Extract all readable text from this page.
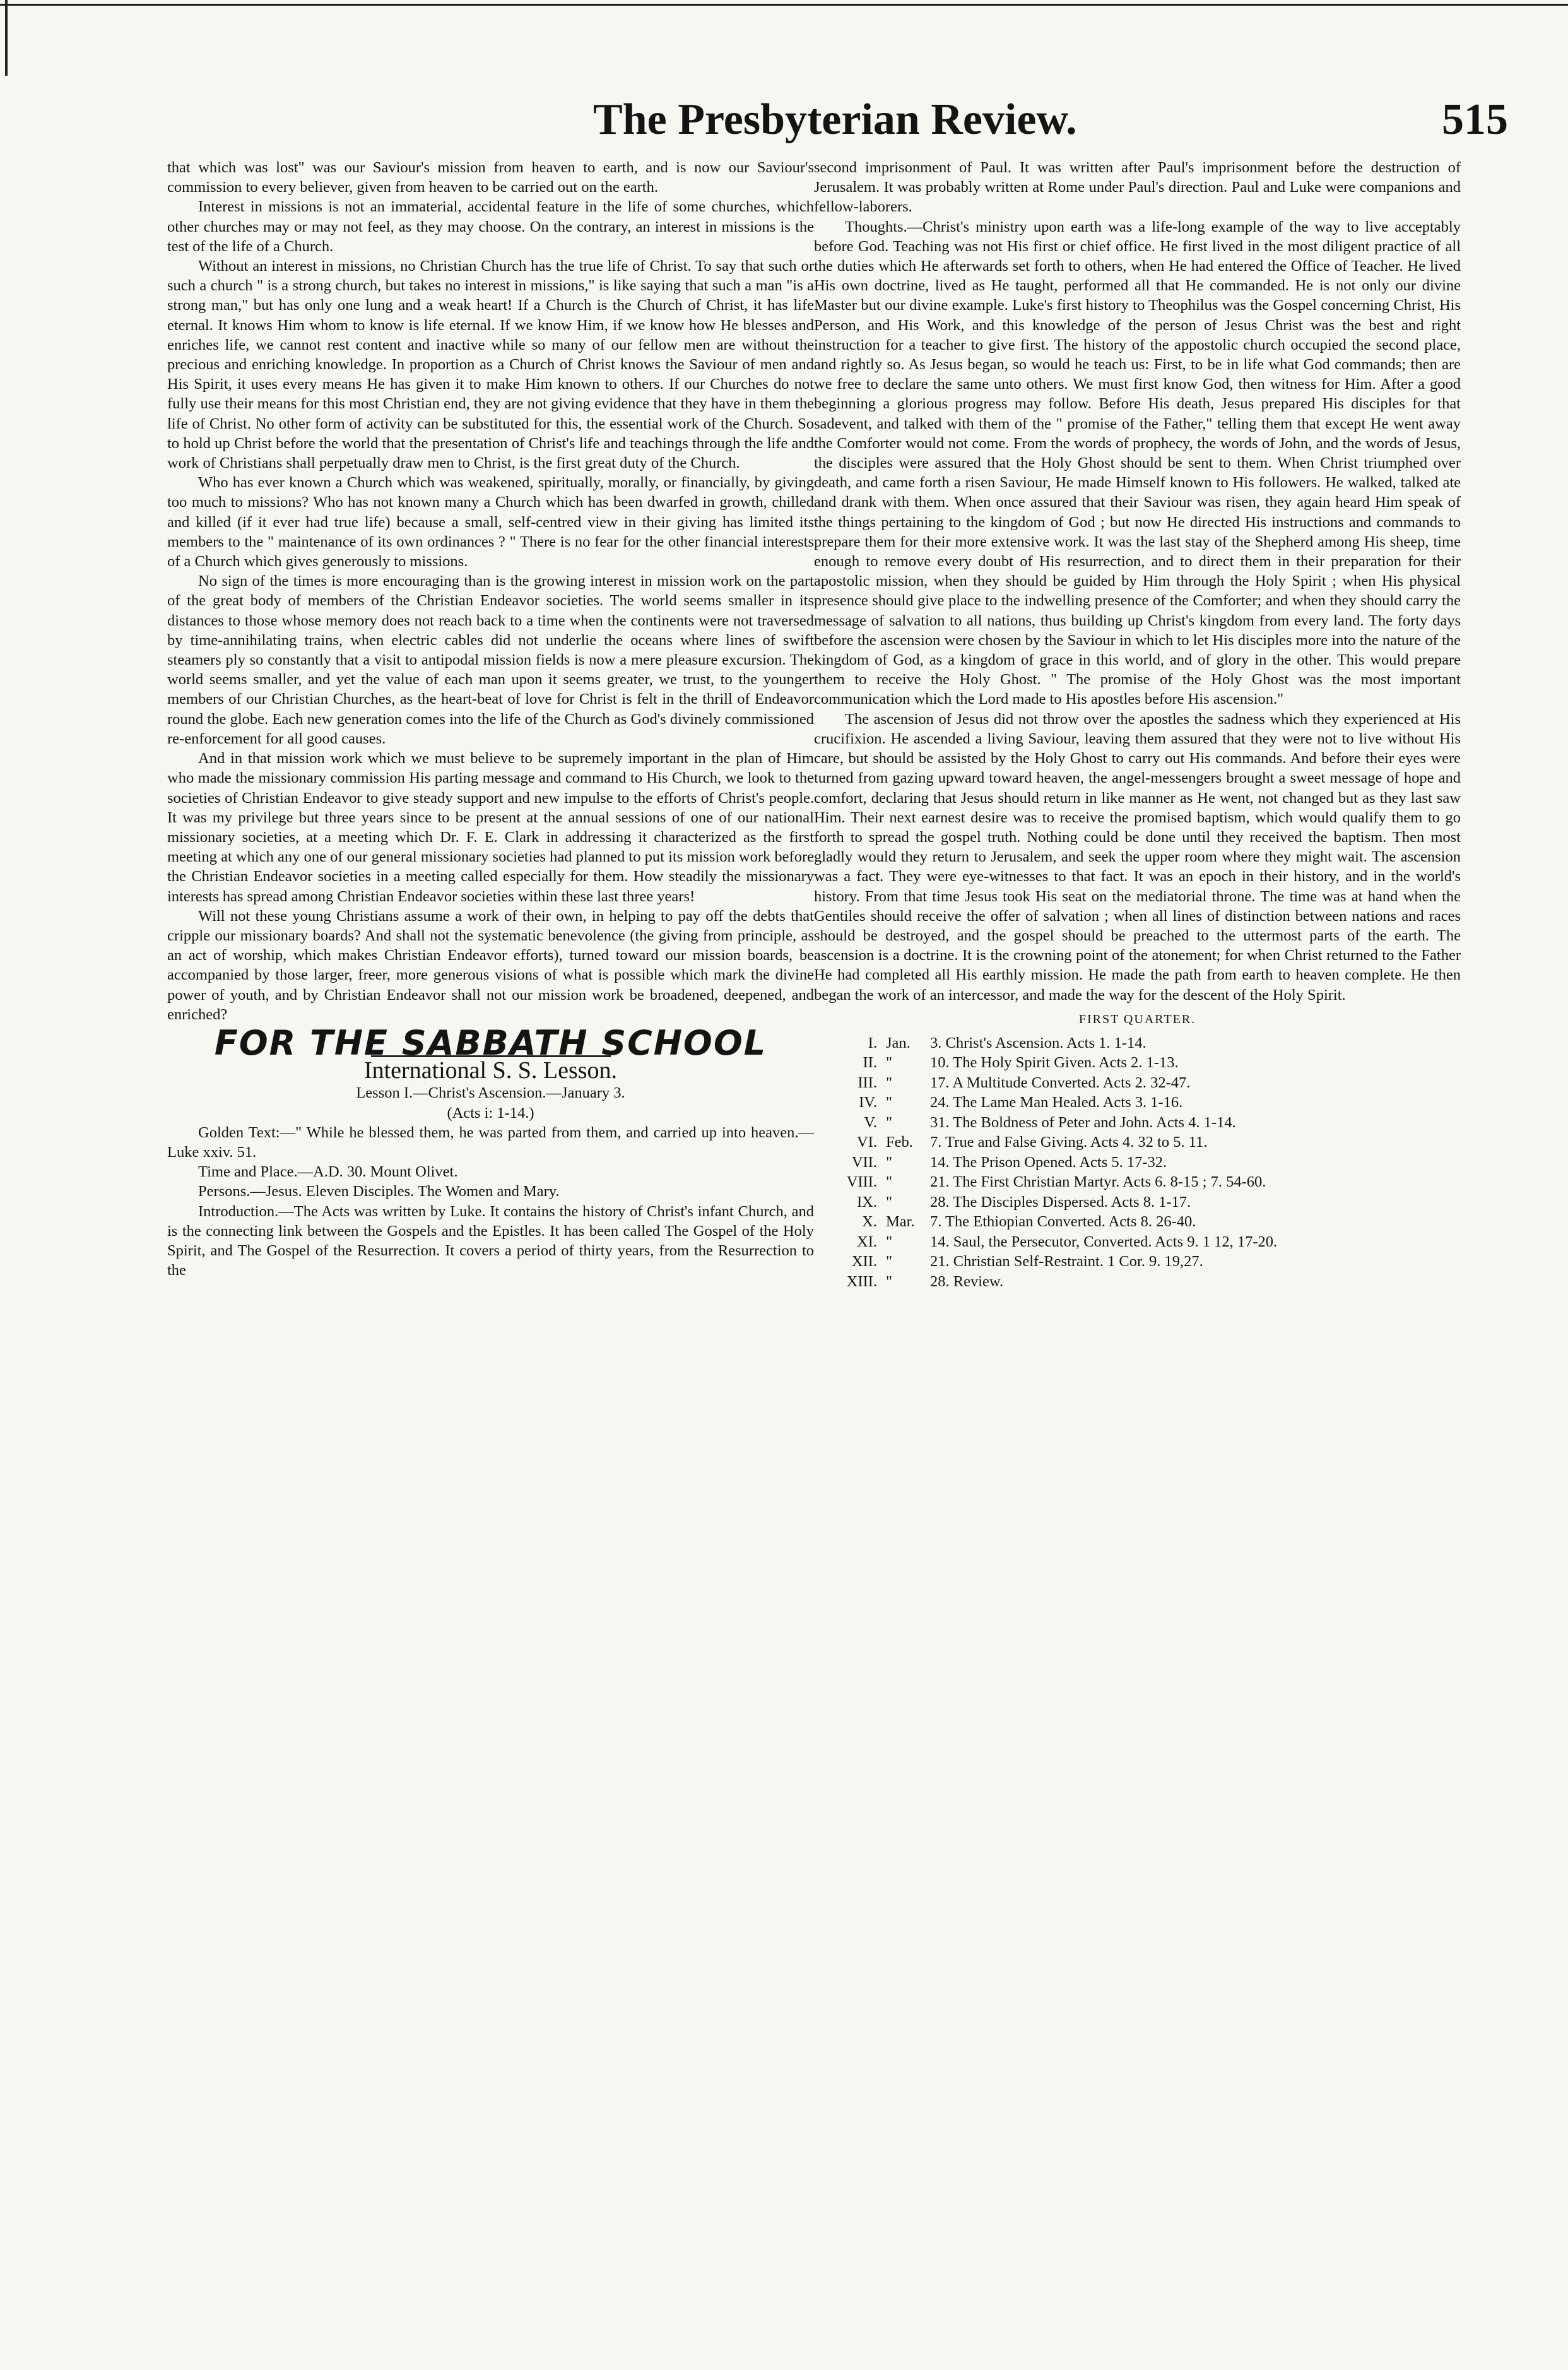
The Presbyterian Review.	515

that which was lost" was our Saviour's mission from heaven to earth, and is now our Saviour's commission to every believer, given from heaven to be carried out on the earth.

Interest in missions is not an immaterial, accidental feature in the life of some churches, which other churches may or may not feel, as they may choose. On the contrary, an interest in missions is the test of the life of a Church.

Without an interest in missions, no Christian Church has the true life of Christ. To say that such or such a church " is a strong church, but takes no interest in missions," is like saying that such a man "is a strong man," but has only one lung and a weak heart! If a Church is the Church of Christ, it has life eternal. It knows Him whom to know is life eternal. If we know Him, if we know how He blesses and enriches life, we cannot rest content and inactive while so many of our fellow men are without the precious and enriching knowledge. In proportion as a Church of Christ knows the Saviour of men and His Spirit, it uses every means He has given it to make Him known to others. If our Churches do not fully use their means for this most Christian end, they are not giving evidence that they have in them the life of Christ. No other form of activity can be substituted for this, the essential work of the Church. So to hold up Christ before the world that the presentation of Christ's life and teachings through the life and work of Christians shall perpetually draw men to Christ, is the first great duty of the Church.

Who has ever known a Church which was weakened, spiritually, morally, or financially, by giving too much to missions? Who has not known many a Church which has been dwarfed in growth, chilled and killed (if it ever had true life) because a small, self-centred view in their giving has limited its members to the " maintenance of its own ordinances ? " There is no fear for the other financial interests of a Church which gives generously to missions.

No sign of the times is more encouraging than is the growing interest in mission work on the part of the great body of members of the Christian Endeavor societies. The world seems smaller in its distances to those whose memory does not reach back to a time when the continents were not traversed by time-annihilating trains, when electric cables did not underlie the oceans where lines of swift steamers ply so constantly that a visit to antipodal mission fields is now a mere pleasure excursion. The world seems smaller, and yet the value of each man upon it seems greater, we trust, to the younger members of our Christian Churches, as the heart-beat of love for Christ is felt in the thrill of Endeavor round the globe. Each new generation comes into the life of the Church as God's divinely commissioned re-enforcement for all good causes.

And in that mission work which we must believe to be supremely important in the plan of Him who made the missionary commission His parting message and command to His Church, we look to the societies of Christian Endeavor to give steady support and new impulse to the efforts of Christ's people. It was my privilege but three years since to be present at the annual sessions of one of our national missionary societies, at a meeting which Dr. F. E. Clark in addressing it characterized as the first meeting at which any one of our general missionary societies had planned to put its mission work before the Christian Endeavor societies in a meeting called especially for them. How steadily the missionary interests has spread among Christian Endeavor societies within these last three years!

Will not these young Christians assume a work of their own, in helping to pay off the debts that cripple our missionary boards? And shall not the systematic benevolence (the giving from principle, as an act of worship, which makes Christian Endeavor efforts), turned toward our mission boards, be accompanied by those larger, freer, more generous visions of what is possible which mark the divine power of youth, and by Christian Endeavor shall not our mission work be broadened, deepened, and enriched?

FOR THE SABBATH SCHOOL
International S. S. Lesson.

Lesson I.—Christ's Ascension.—January 3.

(Acts i: 1-14.)

Golden Text:—" While he blessed them, he was parted from them, and carried up into heaven.—Luke xxiv. 51.

Time and Place.—A.D. 30. Mount Olivet.

Persons.—Jesus. Eleven Disciples. The Women and Mary.

Introduction.—The Acts was written by Luke. It contains the history of Christ's infant Church, and is the connecting link between the Gospels and the Epistles. It has been called The Gospel of the Holy Spirit, and The Gospel of the Resurrection. It covers a period of thirty years, from the Resurrection to the

second imprisonment of Paul. It was written after Paul's imprisonment before the destruction of Jerusalem. It was probably written at Rome under Paul's direction. Paul and Luke were companions and fellow-laborers.

Thoughts.—Christ's ministry upon earth was a life-long example of the way to live acceptably before God. Teaching was not His first or chief office. He first lived in the most diligent practice of all the duties which He afterwards set forth to others, when He had entered the Office of Teacher. He lived His own doctrine, lived as He taught, performed all that He commanded. He is not only our divine Master but our divine example. Luke's first history to Theophilus was the Gospel concerning Christ, His Person, and His Work, and this knowledge of the person of Jesus Christ was the best and right instruction for a teacher to give first. The history of the appostolic church occupied the second place, and rightly so. As Jesus began, so would he teach us: First, to be in life what God commands; then are we free to declare the same unto others. We must first know God, then witness for Him. After a good beginning a glorious progress may follow. Before His death, Jesus prepared His disciples for that sadevent, and talked with them of the " promise of the Father," telling them that except He went away the Comforter would not come. From the words of prophecy, the words of John, and the words of Jesus, the disciples were assured that the Holy Ghost should be sent to them. When Christ triumphed over death, and came forth a risen Saviour, He made Himself known to His followers. He walked, talked ate and drank with them. When once assured that their Saviour was risen, they again heard Him speak of the things pertaining to the kingdom of God ; but now He directed His instructions and commands to prepare them for their more extensive work. It was the last stay of the Shepherd among His sheep, time enough to remove every doubt of His resurrection, and to direct them in their preparation for their apostolic mission, when they should be guided by Him through the Holy Spirit ; when His physical presence should give place to the indwelling presence of the Comforter; and when they should carry the message of salvation to all nations, thus building up Christ's kingdom from every land. The forty days before the ascension were chosen by the Saviour in which to let His disciples more into the nature of the kingdom of God, as a kingdom of grace in this world, and of glory in the other. This would prepare them to receive the Holy Ghost. " The promise of the Holy Ghost was the most important communication which the Lord made to His apostles before His ascension."

The ascension of Jesus did not throw over the apostles the sadness which they experienced at His crucifixion. He ascended a living Saviour, leaving them assured that they were not to live without His care, but should be assisted by the Holy Ghost to carry out His commands. And before their eyes were turned from gazing upward toward heaven, the angel-messengers brought a sweet message of hope and comfort, declaring that Jesus should return in like manner as He went, not changed but as they last saw Him. Their next earnest desire was to receive the promised baptism, which would qualify them to go forth to spread the gospel truth. Nothing could be done until they received the baptism. Then most gladly would they return to Jerusalem, and seek the upper room where they might wait. The ascension was a fact. They were eye-witnesses to that fact. It was an epoch in their history, and in the world's history. From that time Jesus took His seat on the mediatorial throne. The time was at hand when the Gentiles should receive the offer of salvation ; when all lines of distinction between nations and races should be destroyed, and the gospel should be preached to the uttermost parts of the earth. The ascension is a doctrine. It is the crowning point of the atonement; for when Christ returned to the Father He had completed all His earthly mission. He made the path from earth to heaven complete. He then began the work of an intercessor, and made the way for the descent of the Holy Spirit.

FIRST QUARTER.
I. Jan.	3. Christ's Ascension. Acts 1. 1-14.
II. "	10. The Holy Spirit Given. Acts 2. 1-13.
III. "	17. A Multitude Converted. Acts 2. 32-47.
IV. "	24. The Lame Man Healed. Acts 3. 1-16.
V. "	31. The Boldness of Peter and John. Acts 4. 1-14.
VI. Feb.	7. True and False Giving. Acts 4. 32 to 5. 11.
VII. "	14. The Prison Opened. Acts 5. 17-32.
VIII. "	21. The First Christian Martyr. Acts 6. 8-15 ; 7. 54-60.
IX. "	28. The Disciples Dispersed. Acts 8. 1-17.
X. Mar. 7. The Ethiopian Converted. Acts 8. 26-40.
XI. "	14. Saul, the Persecutor, Converted. Acts 9. 1 12, 17-20.
XII. "	21. Christian Self-Restraint. 1 Cor. 9. 19,27.
XIII. "	28. Review.
